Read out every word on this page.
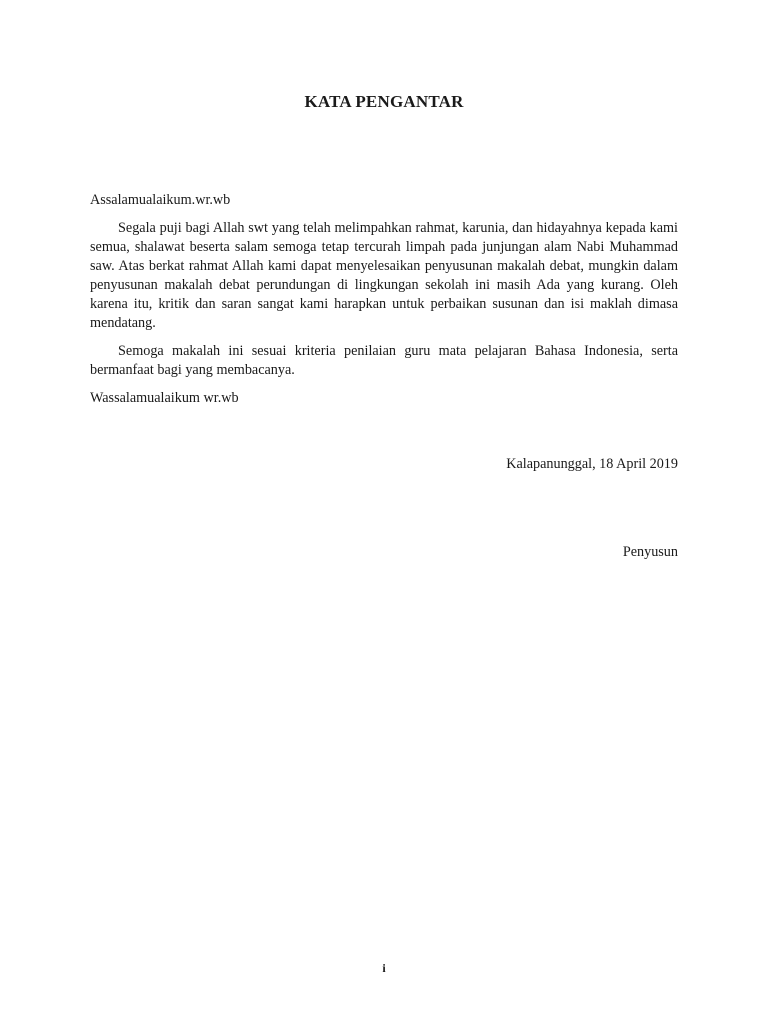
KATA PENGANTAR

Assalamualaikum.wr.wb

Segala puji bagi Allah swt yang telah melimpahkan rahmat, karunia, dan hidayahnya kepada kami semua, shalawat beserta salam semoga tetap tercurah limpah pada junjungan alam Nabi Muhammad saw. Atas berkat rahmat Allah kami dapat menyelesaikan penyusunan makalah debat, mungkin dalam penyusunan makalah debat perundungan di lingkungan sekolah ini masih Ada yang kurang. Oleh karena itu, kritik dan saran sangat kami harapkan untuk perbaikan susunan dan isi maklah dimasa mendatang.

Semoga makalah ini sesuai kriteria penilaian guru mata pelajaran Bahasa Indonesia, serta bermanfaat bagi yang membacanya.

Wassalamualaikum wr.wb

Kalapanunggal, 18 April 2019
Penyusun
i
